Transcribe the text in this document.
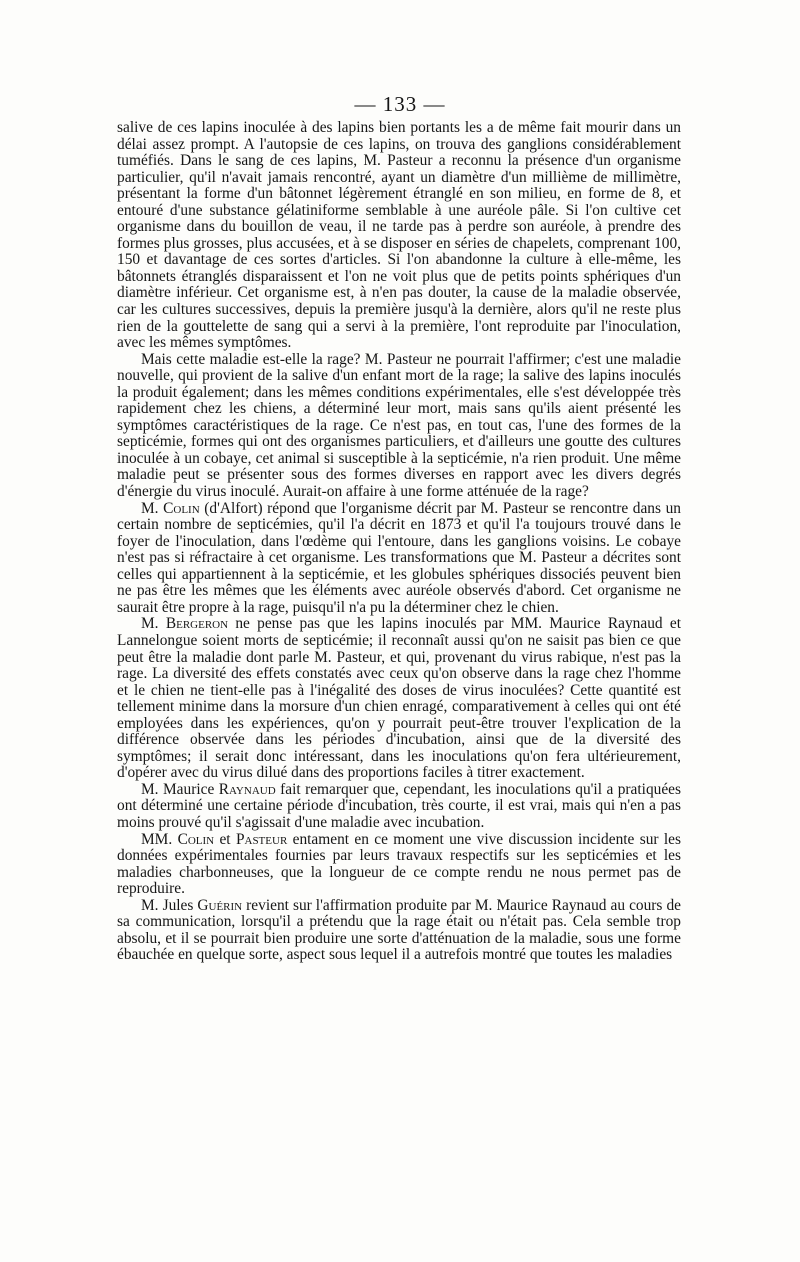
— 133 —

salive de ces lapins inoculée à des lapins bien portants les a de même fait mourir dans un délai assez prompt. A l'autopsie de ces lapins, on trouva des ganglions considérablement tuméfiés. Dans le sang de ces lapins, M. Pasteur a reconnu la présence d'un organisme particulier, qu'il n'avait jamais rencontré, ayant un diamètre d'un millième de millimètre, présentant la forme d'un bâtonnet légèrement étranglé en son milieu, en forme de 8, et entouré d'une substance gélatiniforme semblable à une auréole pâle. Si l'on cultive cet organisme dans du bouillon de veau, il ne tarde pas à perdre son auréole, à prendre des formes plus grosses, plus accusées, et à se disposer en séries de chapelets, comprenant 100, 150 et davantage de ces sortes d'articles. Si l'on abandonne la culture à elle-même, les bâtonnets étranglés disparaissent et l'on ne voit plus que de petits points sphériques d'un diamètre inférieur. Cet organisme est, à n'en pas douter, la cause de la maladie observée, car les cultures successives, depuis la première jusqu'à la dernière, alors qu'il ne reste plus rien de la gouttelette de sang qui a servi à la première, l'ont reproduite par l'inoculation, avec les mêmes symptômes.

Mais cette maladie est-elle la rage? M. Pasteur ne pourrait l'affirmer; c'est une maladie nouvelle, qui provient de la salive d'un enfant mort de la rage; la salive des lapins inoculés la produit également; dans les mêmes conditions expérimentales, elle s'est développée très rapidement chez les chiens, a déterminé leur mort, mais sans qu'ils aient présenté les symptômes caractéristiques de la rage. Ce n'est pas, en tout cas, l'une des formes de la septicémie, formes qui ont des organismes particuliers, et d'ailleurs une goutte des cultures inoculée à un cobaye, cet animal si susceptible à la septicémie, n'a rien produit. Une même maladie peut se présenter sous des formes diverses en rapport avec les divers degrés d'énergie du virus inoculé. Aurait-on affaire à une forme atténuée de la rage?

M. Colin (d'Alfort) répond que l'organisme décrit par M. Pasteur se rencontre dans un certain nombre de septicémies, qu'il l'a décrit en 1873 et qu'il l'a toujours trouvé dans le foyer de l'inoculation, dans l'œdème qui l'entoure, dans les ganglions voisins. Le cobaye n'est pas si réfractaire à cet organisme. Les transformations que M. Pasteur a décrites sont celles qui appartiennent à la septicémie, et les globules sphériques dissociés peuvent bien ne pas être les mêmes que les éléments avec auréole observés d'abord. Cet organisme ne saurait être propre à la rage, puisqu'il n'a pu la déterminer chez le chien.

M. Bergeron ne pense pas que les lapins inoculés par MM. Maurice Raynaud et Lannelongue soient morts de septicémie; il reconnaît aussi qu'on ne saisit pas bien ce que peut être la maladie dont parle M. Pasteur, et qui, provenant du virus rabique, n'est pas la rage. La diversité des effets constatés avec ceux qu'on observe dans la rage chez l'homme et le chien ne tient-elle pas à l'inégalité des doses de virus inoculées? Cette quantité est tellement minime dans la morsure d'un chien enragé, comparativement à celles qui ont été employées dans les expériences, qu'on y pourrait peut-être trouver l'explication de la différence observée dans les périodes d'incubation, ainsi que de la diversité des symptômes; il serait donc intéressant, dans les inoculations qu'on fera ultérieurement, d'opérer avec du virus dilué dans des proportions faciles à titrer exactement.

M. Maurice Raynaud fait remarquer que, cependant, les inoculations qu'il a pratiquées ont déterminé une certaine période d'incubation, très courte, il est vrai, mais qui n'en a pas moins prouvé qu'il s'agissait d'une maladie avec incubation.

MM. Colin et Pasteur entament en ce moment une vive discussion incidente sur les données expérimentales fournies par leurs travaux respectifs sur les septicémies et les maladies charbonneuses, que la longueur de ce compte rendu ne nous permet pas de reproduire.

M. Jules Guérin revient sur l'affirmation produite par M. Maurice Raynaud au cours de sa communication, lorsqu'il a prétendu que la rage était ou n'était pas. Cela semble trop absolu, et il se pourrait bien produire une sorte d'atténuation de la maladie, sous une forme ébauchée en quelque sorte, aspect sous lequel il a autrefois montré que toutes les maladies
